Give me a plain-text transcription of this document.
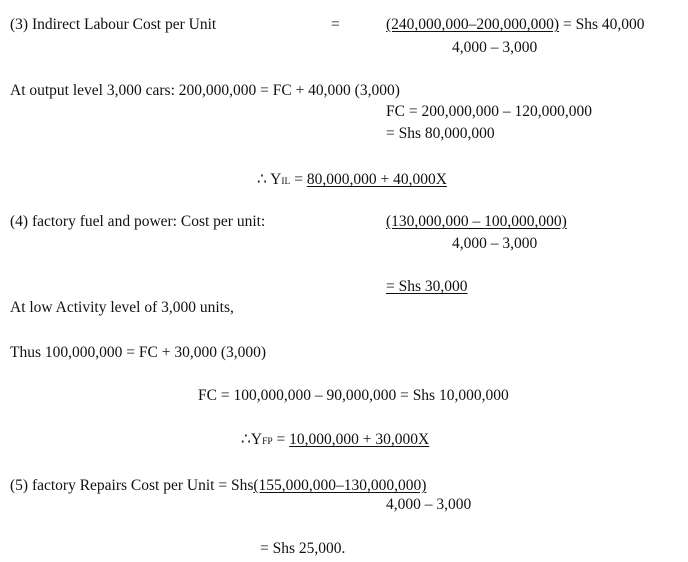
(3) Indirect Labour Cost per Unit	=	(240,000,000–200,000,000) = Shs 40,000
4,000 – 3,000
At output level 3,000 cars: 200,000,000 = FC + 40,000 (3,000)
FC = 200,000,000 – 120,000,000
= Shs 80,000,000
∴ YIL = 80,000,000 + 40,000X
(4) factory fuel and power: Cost per unit:	(130,000,000 – 100,000,000)
4,000 – 3,000
= Shs 30,000
At low Activity level of 3,000 units,
Thus 100,000,000 = FC + 30,000 (3,000)
FC = 100,000,000 – 90,000,000 = Shs 10,000,000
∴YFP = 10,000,000 + 30,000X
(5) factory Repairs Cost per Unit = Shs(155,000,000–130,000,000)
4,000 – 3,000
= Shs 25,000.
